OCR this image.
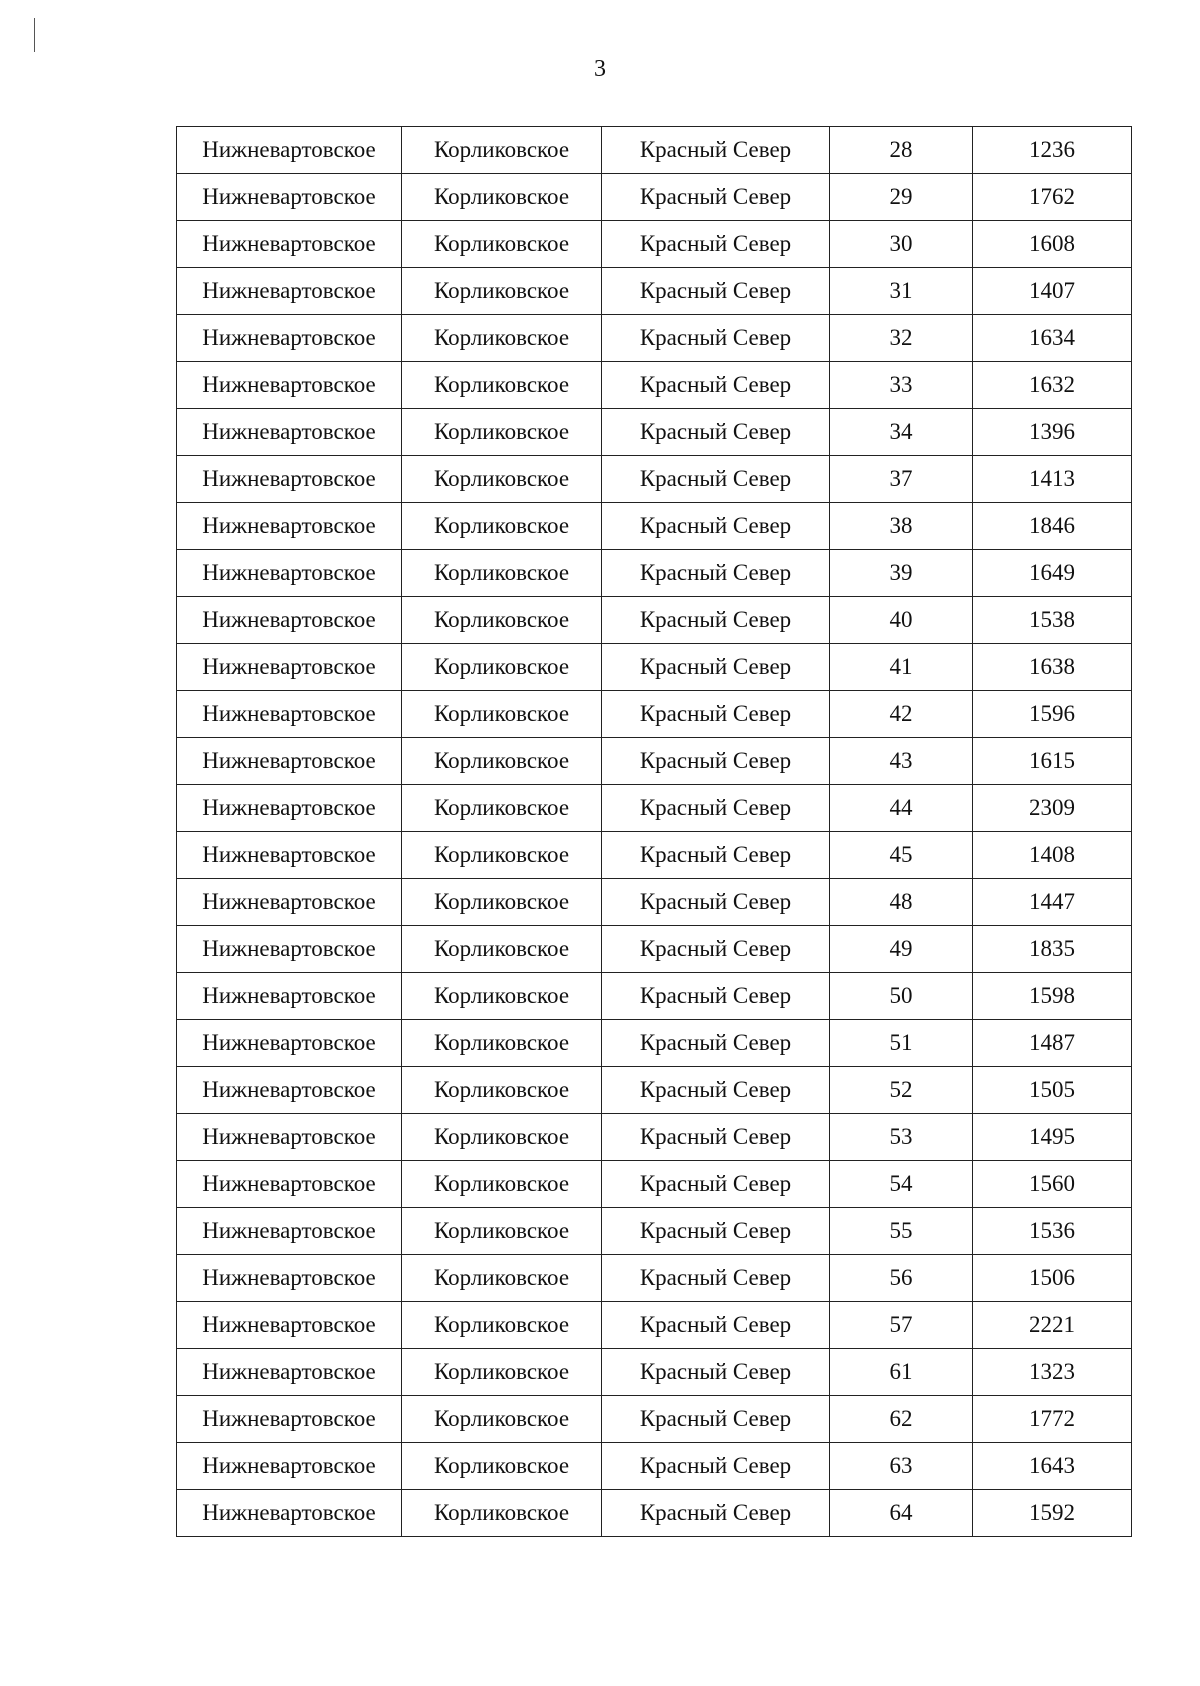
3
Нижневартовское	Корликовское	Красный Север	28	1236
Нижневартовское	Корликовское	Красный Север	29	1762
Нижневартовское	Корликовское	Красный Север	30	1608
Нижневартовское	Корликовское	Красный Север	31	1407
Нижневартовское	Корликовское	Красный Север	32	1634
Нижневартовское	Корликовское	Красный Север	33	1632
Нижневартовское	Корликовское	Красный Север	34	1396
Нижневартовское	Корликовское	Красный Север	37	1413
Нижневартовское	Корликовское	Красный Север	38	1846
Нижневартовское	Корликовское	Красный Север	39	1649
Нижневартовское	Корликовское	Красный Север	40	1538
Нижневартовское	Корликовское	Красный Север	41	1638
Нижневартовское	Корликовское	Красный Север	42	1596
Нижневартовское	Корликовское	Красный Север	43	1615
Нижневартовское	Корликовское	Красный Север	44	2309
Нижневартовское	Корликовское	Красный Север	45	1408
Нижневартовское	Корликовское	Красный Север	48	1447
Нижневартовское	Корликовское	Красный Север	49	1835
Нижневартовское	Корликовское	Красный Север	50	1598
Нижневартовское	Корликовское	Красный Север	51	1487
Нижневартовское	Корликовское	Красный Север	52	1505
Нижневартовское	Корликовское	Красный Север	53	1495
Нижневартовское	Корликовское	Красный Север	54	1560
Нижневартовское	Корликовское	Красный Север	55	1536
Нижневартовское	Корликовское	Красный Север	56	1506
Нижневартовское	Корликовское	Красный Север	57	2221
Нижневартовское	Корликовское	Красный Север	61	1323
Нижневартовское	Корликовское	Красный Север	62	1772
Нижневартовское	Корликовское	Красный Север	63	1643
Нижневартовское	Корликовское	Красный Север	64	1592
